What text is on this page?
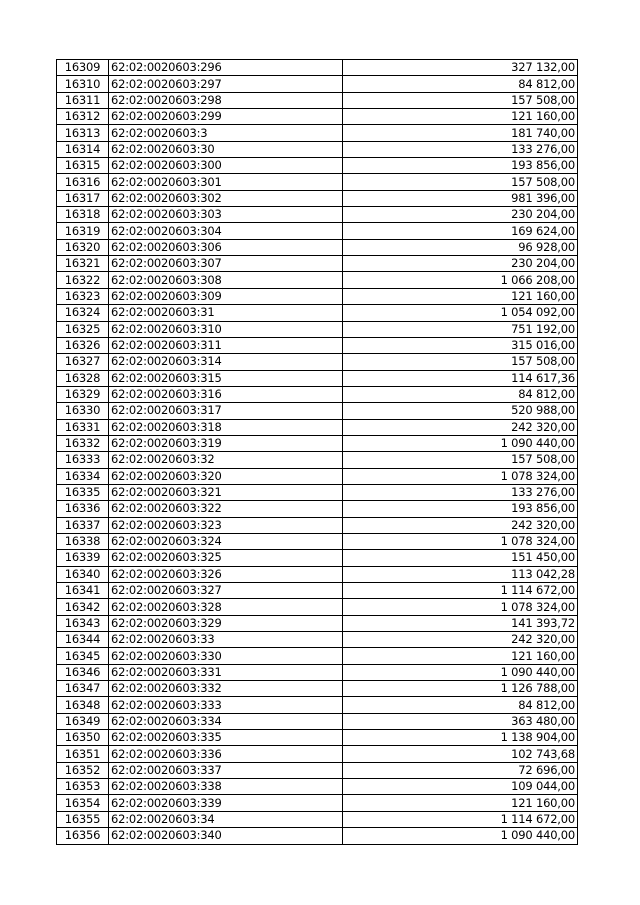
16309	62:02:0020603:296	327 132,00
16310	62:02:0020603:297	84 812,00
16311	62:02:0020603:298	157 508,00
16312	62:02:0020603:299	121 160,00
16313	62:02:0020603:3	181 740,00
16314	62:02:0020603:30	133 276,00
16315	62:02:0020603:300	193 856,00
16316	62:02:0020603:301	157 508,00
16317	62:02:0020603:302	981 396,00
16318	62:02:0020603:303	230 204,00
16319	62:02:0020603:304	169 624,00
16320	62:02:0020603:306	96 928,00
16321	62:02:0020603:307	230 204,00
16322	62:02:0020603:308	1 066 208,00
16323	62:02:0020603:309	121 160,00
16324	62:02:0020603:31	1 054 092,00
16325	62:02:0020603:310	751 192,00
16326	62:02:0020603:311	315 016,00
16327	62:02:0020603:314	157 508,00
16328	62:02:0020603:315	114 617,36
16329	62:02:0020603:316	84 812,00
16330	62:02:0020603:317	520 988,00
16331	62:02:0020603:318	242 320,00
16332	62:02:0020603:319	1 090 440,00
16333	62:02:0020603:32	157 508,00
16334	62:02:0020603:320	1 078 324,00
16335	62:02:0020603:321	133 276,00
16336	62:02:0020603:322	193 856,00
16337	62:02:0020603:323	242 320,00
16338	62:02:0020603:324	1 078 324,00
16339	62:02:0020603:325	151 450,00
16340	62:02:0020603:326	113 042,28
16341	62:02:0020603:327	1 114 672,00
16342	62:02:0020603:328	1 078 324,00
16343	62:02:0020603:329	141 393,72
16344	62:02:0020603:33	242 320,00
16345	62:02:0020603:330	121 160,00
16346	62:02:0020603:331	1 090 440,00
16347	62:02:0020603:332	1 126 788,00
16348	62:02:0020603:333	84 812,00
16349	62:02:0020603:334	363 480,00
16350	62:02:0020603:335	1 138 904,00
16351	62:02:0020603:336	102 743,68
16352	62:02:0020603:337	72 696,00
16353	62:02:0020603:338	109 044,00
16354	62:02:0020603:339	121 160,00
16355	62:02:0020603:34	1 114 672,00
16356	62:02:0020603:340	1 090 440,00
